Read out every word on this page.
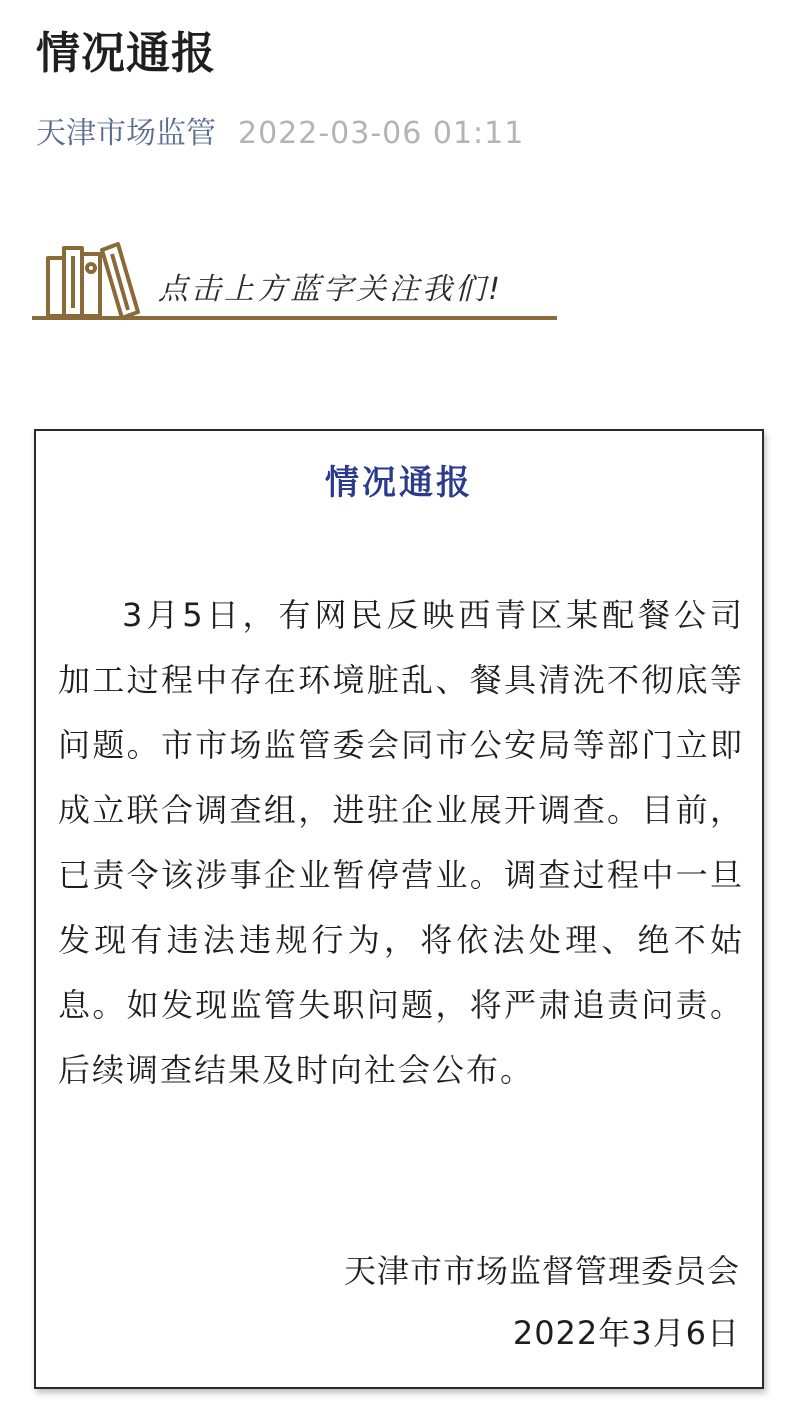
情况通报
天津市场监管 2022-03-06 01:11
点击上方蓝字关注我们!
情况通报
3月5日，有网民反映西青区某配餐公司加工过程中存在环境脏乱、餐具清洗不彻底等问题。市市场监管委会同市公安局等部门立即成立联合调查组，进驻企业展开调查。目前，已责令该涉事企业暂停营业。调查过程中一旦发现有违法违规行为，将依法处理、绝不姑息。如发现监管失职问题，将严肃追责问责。后续调查结果及时向社会公布。
天津市市场监督管理委员会
2022年3月6日
